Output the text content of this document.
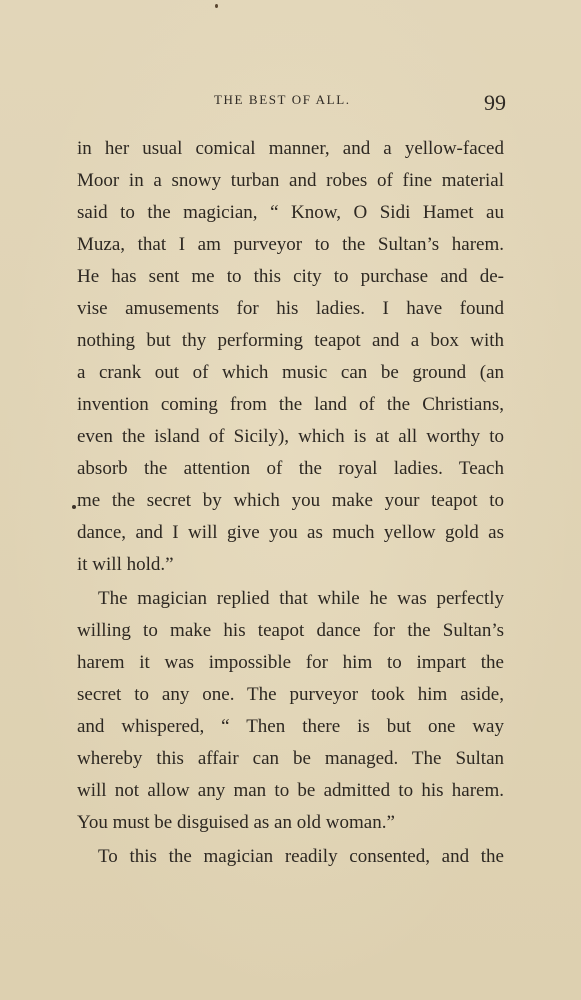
THE BEST OF ALL.	99
in her usual comical manner, and a yellow-faced
Moor in a snowy turban and robes of fine material
said to the magician, “ Know, O Sidi Hamet au
Muza, that I am purveyor to the Sultan’s harem.
He has sent me to this city to purchase and de-
vise amusements for his ladies. I have found
nothing but thy performing teapot and a box with
a crank out of which music can be ground (an
invention coming from the land of the Christians,
even the island of Sicily), which is at all worthy to
absorb the attention of the royal ladies. Teach
me the secret by which you make your teapot to
dance, and I will give you as much yellow gold as
it will hold.”
The magician replied that while he was perfectly
willing to make his teapot dance for the Sultan’s
harem it was impossible for him to impart the
secret to any one. The purveyor took him aside,
and whispered, “ Then there is but one way
whereby this affair can be managed. The Sultan
will not allow any man to be admitted to his harem.
You must be disguised as an old woman.”
To this the magician readily consented, and the
